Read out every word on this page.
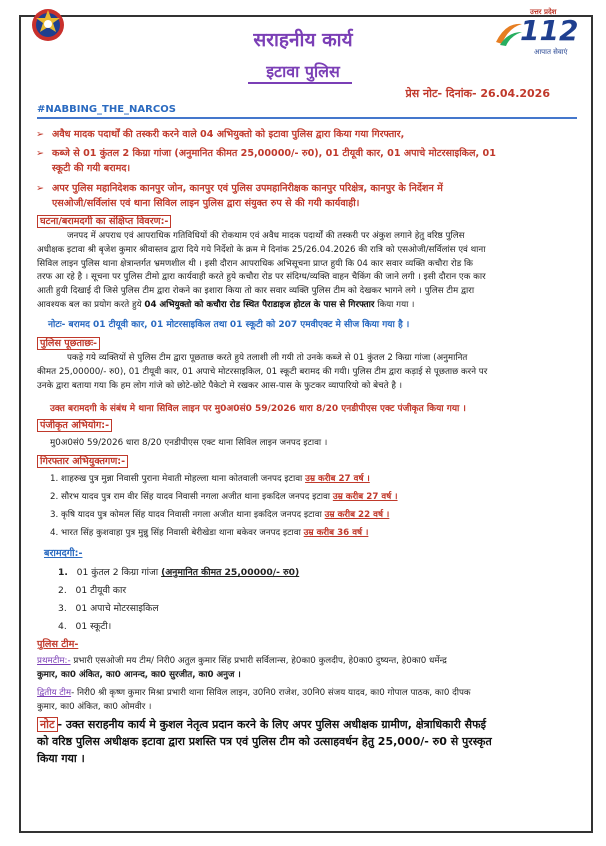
उत्तर प्रदेश
112
आपात सेवाएं
सराहनीय कार्य
इटावा पुलिस
प्रेस नोट- दिनांक- 26.04.2026
#NABBING_THE_NARCOS
➢ अवैध मादक पदार्थों की तस्करी करने वाले 04 अभियुक्तो को इटावा पुलिस द्वारा किया गया गिरफ्तार,
➢ कब्जे से 01 कुंतल 2 किग्रा गांजा (अनुमानित कीमत 25,00000/- रु0), 01 टीयूवी कार, 01 अपाचे मोटरसाइकिल, 01
स्कूटी की गयी बरामद।
➢ अपर पुलिस महानिदेशक कानपुर जोन, कानपुर एवं पुलिस उपमहानिरीक्षक कानपुर परिक्षेत्र, कानपुर के निर्देशन में
एसओजी/सर्विलांस एवं थाना सिविल लाइन पुलिस द्वारा संयुक्त रुप से की गयी कार्यवाही।
घटना/बरामदगी का संक्षिप्त विवरण:-
जनपद में अपराध एवं आपराधिक गतिविधियों की रोकथाम एवं अवैध मादक पदार्थों की तस्करी पर अंकुश लगाने हेतु वरिष्ठ पुलिस
अधीक्षक इटावा श्री बृजेश कुमार श्रीवास्तव द्वारा दिये गये निर्देशो के क्रम मे दिनांक 25/26.04.2026 की रात्रि को एसओजी/सर्विलांस एवं थाना
सिविल लाइन पुलिस थाना क्षेत्रान्तर्गत भ्रमणशील थी । इसी दौरान आपराधिक अभिसूचना प्राप्त हुयी कि 04 कार सवार व्यक्ति कचौरा रोड कि
तरफ आ रहे है । सूचना पर पुलिस टीमो द्वारा कार्यवाही करते हुये कचौरा रोड पर संदिग्ध/व्यक्ति वाहन चैकिंग की जाने लगी । इसी दौरान एक कार
आती हुयी दिखाई दी जिसे पुलिस टीम द्वारा रोकने का इशारा किया तो कार सवार व्यक्ति पुलिस टीम को देखकर भागने लगे । पुलिस टीम द्वारा
आवश्यक बल का प्रयोग करते हुये 04 अभियुक्तो को कचौरा रोड स्थित पैराडाइज होटल के पास से गिरफ्तार किया गया ।
नोटः- बरामद 01 टीयूवी कार, 01 मोटरसाइकिल तथा 01 स्कूटी को 207 एमवीएक्ट मे सीज किया गया है ।
पुलिस पूछताछः-
पकड़े गये व्यक्तियों से पुलिस टीम द्वारा पूछताछ करते हुये तलाशी ली गयी तो उनके कब्जे से 01 कुंतल 2 किग्रा गांजा (अनुमानित
कीमत 25,00000/- रु0), 01 टीयूवी कार, 01 अपाचे मोटरसाइकिल, 01 स्कूटी बरामद की गयी। पुलिस टीम द्वारा कड़ाई से पूछताछ करने पर
उनके द्वारा बताया गया कि हम लोग गांजे को छोटे-छोटे पैकेटो मे रखकर आस-पास के फुटकर व्यापारियो को बेचते है ।
उक्त बरामदगी के संबंध मे थाना सिविल लाइन पर मु0अ0सं0 59/2026 धारा 8/20 एनडीपीएस एक्ट पंजीकृत किया गया ।
पंजीकृत अभियोग:-
मु0अ0सं0 59/2026 धारा 8/20 एनडीपीएस एक्ट थाना सिविल लाइन जनपद इटावा ।
गिरफ्तार अभियुक्तगण:-
1. शाहरुख पुत्र मुन्ना निवासी पुराना मेवाती मोहल्ला थाना कोतवाली जनपद इटावा उम्र करीब 27 वर्ष ।
2. सौरभ यादव पुत्र राम वीर सिंह यादव निवासी नगला अजीत थाना इकदिल जनपद इटावा उम्र करीब 27 वर्ष ।
3. कृषि यादव पुत्र कोमल सिंह यादव निवासी नगला अजीत थाना इकदिल जनपद इटावा उम्र करीब 22 वर्ष ।
4. भारत सिंह कुशवाहा पुत्र मुन्नु सिंह निवासी बेरीखेडा थाना बकेवर जनपद इटावा उम्र करीब 36 वर्ष ।
बरामदगी:-
1. 01 कुंतल 2 किग्रा गांजा (अनुमानित कीमत 25,00000/- रु0)
2. 01 टीयूवी कार
3. 01 अपाचे मोटरसाइकिल
4. 01 स्कूटी।
पुलिस टीम-
प्रथमटीम:- प्रभारी एसओजी मय टीम/ निरी0 अतुल कुमार सिंह प्रभारी सर्विलान्स, हे0का0 कुलदीप, हे0का0 दुष्यन्त, हे0का0 धर्मेन्द्र
कुमार, का0 अंकित, का0 आनन्द, का0 सुरजीत, का0 अनुज ।
द्वितीय टीम- निरी0 श्री कृष्ण कुमार मिश्रा प्रभारी थाना सिविल लाइन, उ0नि0 राजेश, उ0नि0 संजय यादव, का0 गोपाल पाठक, का0 दीपक
कुमार, का0 अंकित, का0 ओमवीर ।
नोट - उक्त सराहनीय कार्य मे कुशल नेतृत्व प्रदान करने के लिए अपर पुलिस अधीक्षक ग्रामीण, क्षेत्राधिकारी सैफई
को वरिष्ठ पुलिस अधीक्षक इटावा द्वारा प्रशस्ति पत्र एवं पुलिस टीम को उत्साहवर्धन हेतु 25,000/- रु0 से पुरस्कृत
किया गया ।
